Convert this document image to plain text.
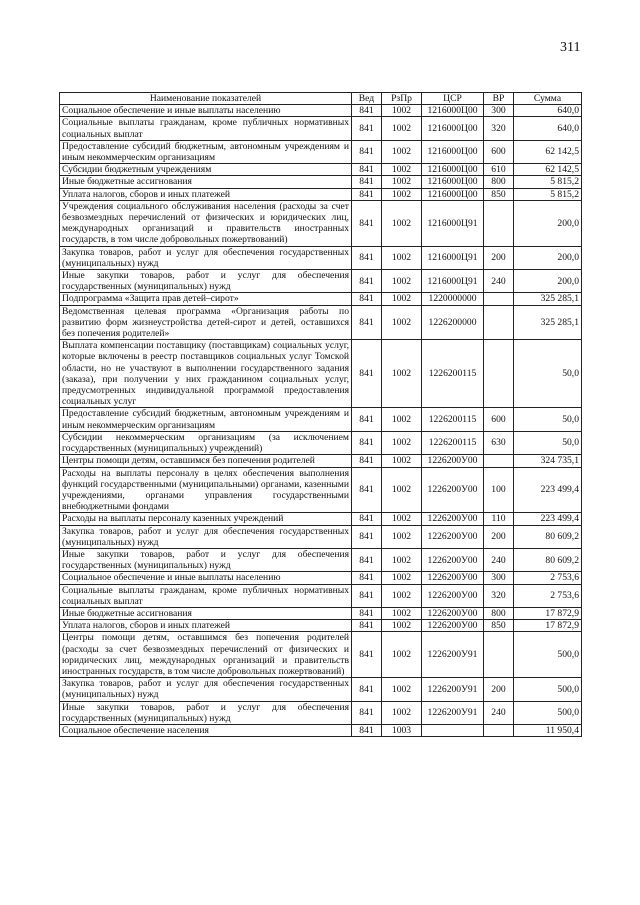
311
Наименование показателей	Вед	РзПр	ЦСР	ВР	Сумма
Социальное обеспечение и иные выплаты населению	841	1002	1216000Ц00	300	640,0
Социальные выплаты гражданам, кроме публичных нормативных социальных выплат	841	1002	1216000Ц00	320	640,0
Предоставление субсидий бюджетным, автономным учреждениям и иным некоммерческим организациям	841	1002	1216000Ц00	600	62 142,5
Субсидии бюджетным учреждениям	841	1002	1216000Ц00	610	62 142,5
Иные бюджетные ассигнования	841	1002	1216000Ц00	800	5 815,2
Уплата налогов, сборов и иных платежей	841	1002	1216000Ц00	850	5 815,2
Учреждения социального обслуживания населения (расходы за счет безвозмездных перечислений от физических и юридических лиц, международных организаций и правительств иностранных государств, в том числе добровольных пожертвований)	841	1002	1216000Ц91		200,0
Закупка товаров, работ и услуг для обеспечения государственных (муниципальных) нужд	841	1002	1216000Ц91	200	200,0
Иные закупки товаров, работ и услуг для обеспечения государственных (муниципальных) нужд	841	1002	1216000Ц91	240	200,0
Подпрограмма «Защита прав детей–сирот»	841	1002	1220000000		325 285,1
Ведомственная целевая программа «Организация работы по развитию форм жизнеустройства детей-сирот и детей, оставшихся без попечения родителей»	841	1002	1226200000		325 285,1
Выплата компенсации поставщику (поставщикам) социальных услуг, которые включены в реестр поставщиков социальных услуг Томской области, но не участвуют в выполнении государственного задания (заказа), при получении у них гражданином социальных услуг, предусмотренных индивидуальной программой предоставления социальных услуг	841	1002	1226200115		50,0
Предоставление субсидий бюджетным, автономным учреждениям и иным некоммерческим организациям	841	1002	1226200115	600	50,0
Субсидии некоммерческим организациям (за исключением государственных (муниципальных) учреждений)	841	1002	1226200115	630	50,0
Центры помощи детям, оставшимся без попечения родителей	841	1002	1226200У00		324 735,1
Расходы на выплаты персоналу в целях обеспечения выполнения функций государственными (муниципальными) органами, казенными учреждениями, органами управления государственными внебюджетными фондами	841	1002	1226200У00	100	223 499,4
Расходы на выплаты персоналу казенных учреждений	841	1002	1226200У00	110	223 499,4
Закупка товаров, работ и услуг для обеспечения государственных (муниципальных) нужд	841	1002	1226200У00	200	80 609,2
Иные закупки товаров, работ и услуг для обеспечения государственных (муниципальных) нужд	841	1002	1226200У00	240	80 609,2
Социальное обеспечение и иные выплаты населению	841	1002	1226200У00	300	2 753,6
Социальные выплаты гражданам, кроме публичных нормативных социальных выплат	841	1002	1226200У00	320	2 753,6
Иные бюджетные ассигнования	841	1002	1226200У00	800	17 872,9
Уплата налогов, сборов и иных платежей	841	1002	1226200У00	850	17 872,9
Центры помощи детям, оставшимся без попечения родителей (расходы за счет безвозмездных перечислений от физических и юридических лиц, международных организаций и правительств иностранных государств, в том числе добровольных пожертвований)	841	1002	1226200У91		500,0
Закупка товаров, работ и услуг для обеспечения государственных (муниципальных) нужд	841	1002	1226200У91	200	500,0
Иные закупки товаров, работ и услуг для обеспечения государственных (муниципальных) нужд	841	1002	1226200У91	240	500,0
Социальное обеспечение населения	841	1003			11 950,4
